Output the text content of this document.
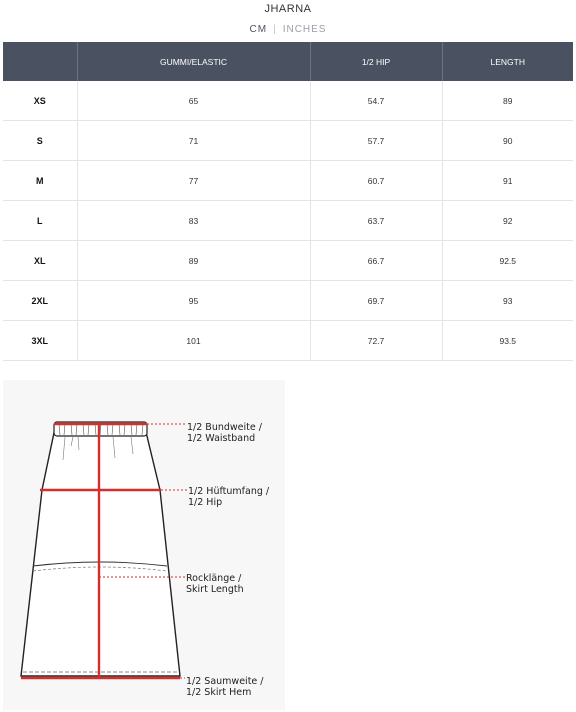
JHARNA
CM | INCHES
	GUMMI/ELASTIC	1/2 HIP	LENGTH
XS	65	54.7	89
S	71	57.7	90
M	77	60.7	91
L	83	63.7	92
XL	89	66.7	92.5
2XL	95	69.7	93
3XL	101	72.7	93.5
1/2 Bundweite /
1/2 Waistband
1/2 Hüftumfang /
1/2 Hip
Rocklänge /
Skirt Length
1/2 Saumweite /
1/2 Skirt Hem
